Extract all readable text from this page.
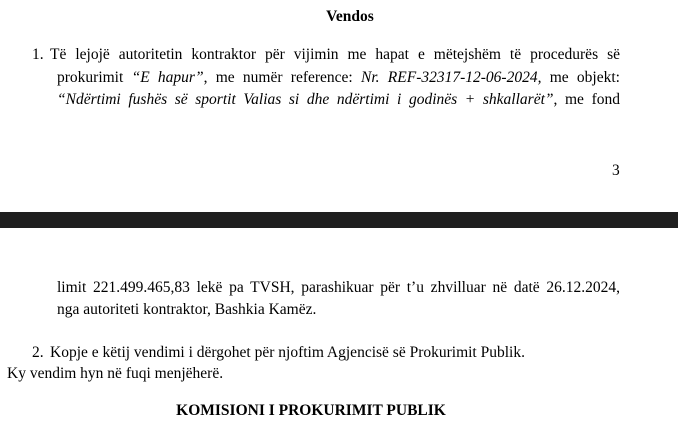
Vendos
1. Të lejojë autoritetin kontraktor për vijimin me hapat e mëtejshëm të procedurës së
prokurimit “E hapur”, me numër reference: Nr. REF-32317-12-06-2024, me objekt:
“Ndërtimi fushës së sportit Valias si dhe ndërtimi i godinës + shkallarët”, me fond
3
limit 221.499.465,83 lekë pa TVSH, parashikuar për t’u zhvilluar në datë 26.12.2024,
nga autoriteti kontraktor, Bashkia Kamëz.
2. Kopje e këtij vendimi i dërgohet për njoftim Agjencisë së Prokurimit Publik.
Ky vendim hyn në fuqi menjëherë.
KOMISIONI I PROKURIMIT PUBLIK
